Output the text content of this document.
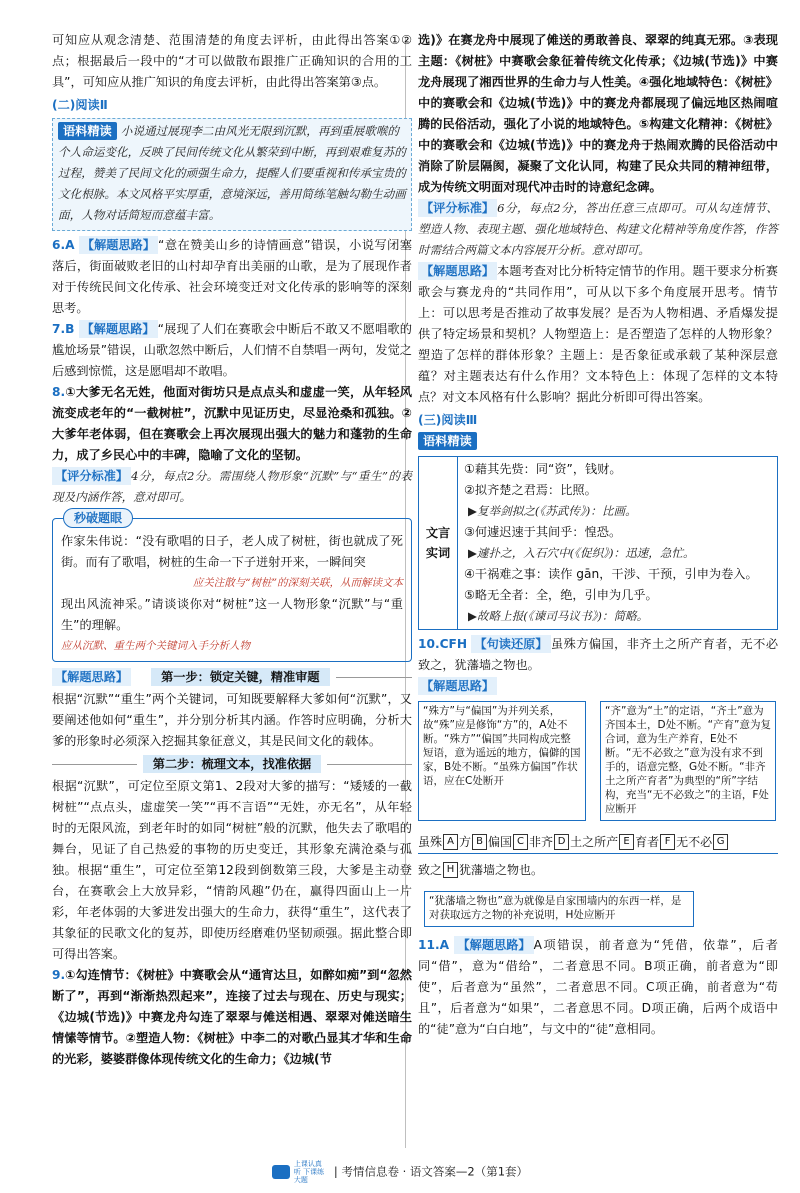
可知应从观念清楚、范围清楚的角度去评析，由此得出答案①②点；根据最后一段中的“才可以做散布跟推广正确知识的合用的工具”，可知应从推广知识的角度去评析，由此得出答案第③点。

(二)阅读Ⅱ
语料精读 小说通过展现李二由风光无限到沉默，再到重展歌喉的个人命运变化，反映了民间传统文化从繁荣到中断，再到艰难复苏的过程，赞美了民间文化的顽强生命力，提醒人们要重视和传承宝贵的文化根脉。本文风格平实厚重，意境深远，善用简练笔触勾勒生动画面，人物对话简短而意蕴丰富。

6.A 【解题思路】 “意在赞美山乡的诗情画意”错误，小说写闭塞落后，街面破败老旧的山村却孕育出美丽的山歌，是为了展现作者对于传统民间文化传承、社会环境变迁对文化传承的影响等的深刻思考。

7.B 【解题思路】 “展现了人们在赛歌会中断后不敢又不愿唱歌的尴尬场景”错误，山歌忽然中断后，人们情不自禁唱一两句，发觉之后感到惊慌，这是愿唱却不敢唱。

8.①大爹无名无姓，他面对街坊只是点点头和虚虚一笑，从年轻风流变成老年的“一截树桩”，沉默中见证历史，尽显沧桑和孤独。②大爹年老体弱，但在赛歌会上再次展现出强大的魅力和蓬勃的生命力，成了乡民心中的丰碑，隐喻了文化的坚韧。

【评分标准】 4分，每点2分。需围绕人物形象“沉默”与“重生”的表现及内涵作答，意对即可。

秒破题眼

作家朱伟说：“没有歌唱的日子，老人成了树桩，街也就成了死街。而有了歌唱，树桩的生命一下子迸射开来，一瞬间突

应关注散与“树桩”的深刻关联，从而解读文本

现出风流神采。”请谈谈你对“树桩”这一人物形象“沉默”与“重生”的理解。

应从沉默、重生两个关键词入手分析人物
【解题思路】	第一步：锁定关键，精准审题

根据“沉默”“重生”两个关键词，可知既要解释大爹如何“沉默”，又要阐述他如何“重生”，并分别分析其内涵。作答时应明确，分析大爹的形象时必须深入挖掘其象征意义，其是民间文化的载体。

第二步：梳理文本，找准依据

根据“沉默”，可定位至原文第1、2段对大爹的描写：“矮矮的一截树桩”“点点头，虚虚笑一笑”“再不言语”“无姓，亦无名”，从年轻时的无限风流，到老年时的如同“树桩”般的沉默，他失去了歌唱的舞台，见证了自己热爱的事物的历史变迁，其形象充满沧桑与孤独。根据“重生”，可定位至第12段到倒数第三段，大爹是主动登台，在赛歌会上大放异彩，“情韵风趣”仍在，赢得四面山上一片彩，年老体弱的大爹进发出强大的生命力，获得“重生”，这代表了其象征的民歌文化的复苏，即使历经磨难仍坚韧顽强。据此整合即可得出答案。

9.①勾连情节：《树桩》中赛歌会从“通宵达旦，如醉如痴”到“忽然断了”，再到“渐渐热烈起来”，连接了过去与现在、历史与现实；《边城(节选)》中赛龙舟勾连了翠翠与傩送相遇、翠翠对傩送暗生情愫等情节。②塑造人物：《树桩》中李二的对歌凸显其才华和生命的光彩，婆婆群像体现传统文化的生命力；《边城(节

选)》在赛龙舟中展现了傩送的勇敢善良、翠翠的纯真无邪。③表现主题：《树桩》中赛歌会象征着传统文化传承；《边城(节选)》中赛龙舟展现了湘西世界的生命力与人性美。④强化地域特色：《树桩》中的赛歌会和《边城(节选)》中的赛龙舟都展现了偏远地区热闹喧腾的民俗活动，强化了小说的地域特色。⑤构建文化精神：《树桩》中的赛歌会和《边城(节选)》中的赛龙舟于热闹欢腾的民俗活动中消除了阶层隔阂，凝聚了文化认同，构建了民众共同的精神纽带，成为传统文明面对现代冲击时的诗意纪念碑。

【评分标准】 6分，每点2分，答出任意三点即可。可从勾连情节、塑造人物、表现主题、强化地域特色、构建文化精神等角度作答，作答时需结合两篇文本内容展开分析。意对即可。

【解题思路】 本题考查对比分析特定情节的作用。题干要求分析赛歌会与赛龙舟的“共同作用”，可从以下多个角度展开思考。情节上：可以思考是否推动了故事发展？是否为人物相遇、矛盾爆发提供了特定场景和契机？人物塑造上：是否塑造了怎样的人物形象？塑造了怎样的群体形象？主题上：是否象征或承载了某种深层意蕴？对主题表达有什么作用？文本特色上：体现了怎样的文本特点？对文本风格有什么影响？据此分析即可得出答案。

(三)阅读Ⅲ
语料精读
文言实词
①藉其先赀：同“资”，钱财。
②拟齐楚之君焉：比照。
▶复举剑拟之(《苏武传》)：比画。
③何遽迟速于其间乎：惶恐。
▶遽扑之，入石穴中(《促织》)：迅速，急忙。
④干祸难之事：读作 gān，干涉、干预，引申为卷入。
⑤略无全者：全，绝，引申为几乎。
▶故略上报(《谏司马议书》)：简略。

10.CFH 【句读还原】 虽殊方偏国，非齐土之所产育者，无不必致之，犹藩墙之物也。

【解题思路】
“殊方”与“偏国”为并列关系，故“殊”应是修饰“方”的，A处不断。“殊方”“偏国”共同构成完整短语，意为遥远的地方，偏僻的国家，B处不断。“虽殊方偏国”作状语，应在C处断开
“齐”意为“土”的定语，“齐土”意为齐国本土，D处不断。“产育”意为复合词，意为生产养育，E处不断。“无不必致之”意为没有求不到手的，语意完整，G处不断。“非齐土之所产育者”为典型的“所”字结构，充当“无不必致之”的主语，F处应断开
虽殊 A 方 B 偏国 C 非齐 D 土之所产 E 育者 F 无不必 G
致之 H 犹藩墙之物也。
“犹藩墙之物也”意为就像是自家围墙内的东西一样，是对获取远方之物的补充说明，H处应断开

11.A 【解题思路】 A项错误，前者意为“凭借，依靠”，后者同“借”，意为“借给”，二者意思不同。B项正确，前者意为“即使”，后者意为“虽然”，二者意思不同。C项正确，前者意为“苟且”，后者意为“如果”，二者意思不同。D项正确，后两个成语中的“徒”意为“白白地”，与文中的“徒”意相同。

上课认真听 下课练大题| 考情信息卷 · 语文答案—2（第1套）
